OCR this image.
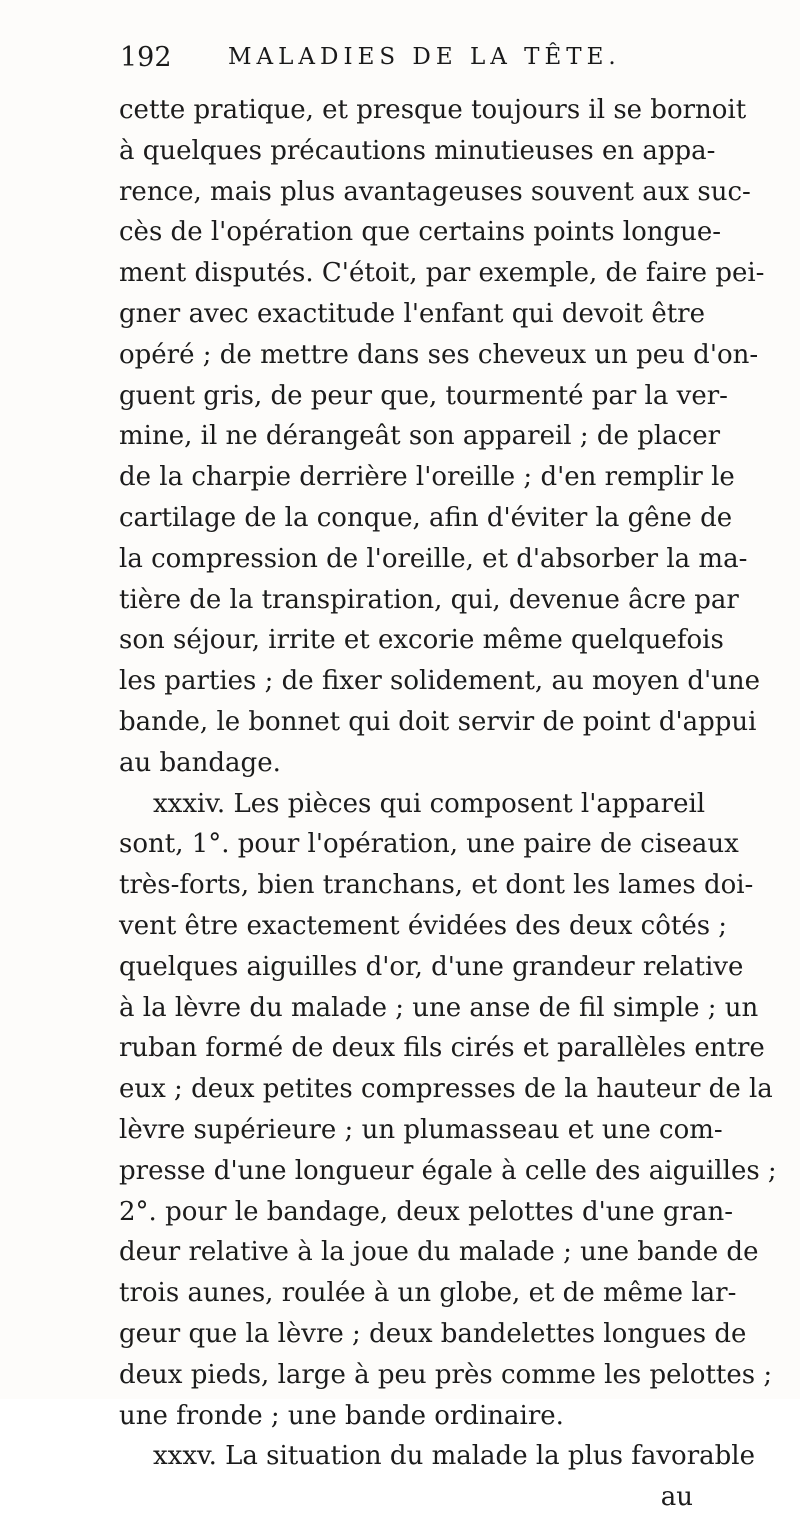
192 MALADIES DE LA TÊTE.
cette pratique, et presque toujours il se bornoit
à quelques précautions minutieuses en appa-
rence, mais plus avantageuses souvent aux suc-
cès de l'opération que certains points longue-
ment disputés. C'étoit, par exemple, de faire pei-
gner avec exactitude l'enfant qui devoit être
opéré ; de mettre dans ses cheveux un peu d'on-
guent gris, de peur que, tourmenté par la ver-
mine, il ne dérangeât son appareil ; de placer
de la charpie derrière l'oreille ; d'en remplir le
cartilage de la conque, afin d'éviter la gêne de
la compression de l'oreille, et d'absorber la ma-
tière de la transpiration, qui, devenue âcre par
son séjour, irrite et excorie même quelquefois
les parties ; de fixer solidement, au moyen d'une
bande, le bonnet qui doit servir de point d'appui
au bandage.
xxxiv. Les pièces qui composent l'appareil
sont, 1°. pour l'opération, une paire de ciseaux
très-forts, bien tranchans, et dont les lames doi-
vent être exactement évidées des deux côtés ;
quelques aiguilles d'or, d'une grandeur relative
à la lèvre du malade ; une anse de fil simple ; un
ruban formé de deux fils cirés et parallèles entre
eux ; deux petites compresses de la hauteur de la
lèvre supérieure ; un plumasseau et une com-
presse d'une longueur égale à celle des aiguilles ;
2°. pour le bandage, deux pelottes d'une gran-
deur relative à la joue du malade ; une bande de
trois aunes, roulée à un globe, et de même lar-
geur que la lèvre ; deux bandelettes longues de
deux pieds, large à peu près comme les pelottes ;
une fronde ; une bande ordinaire.
xxxv. La situation du malade la plus favorable
au
